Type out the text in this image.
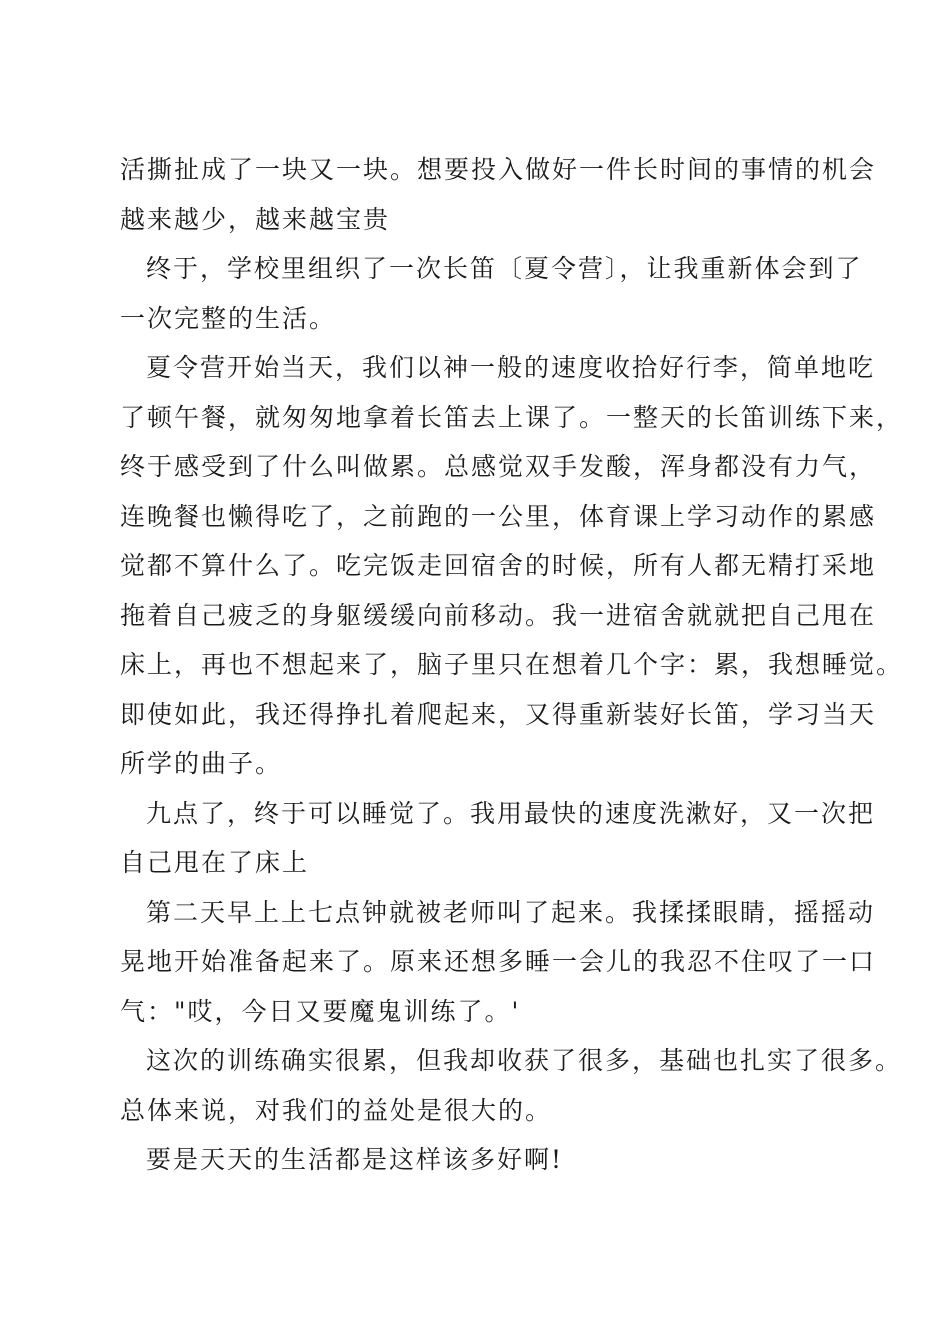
活撕扯成了一块又一块。想要投入做好一件长时间的事情的机会
越来越少，越来越宝贵
终于，学校里组织了一次长笛〔夏令营〕，让我重新体会到了
一次完整的生活。
夏令营开始当天，我们以神一般的速度收拾好行李，简单地吃
了顿午餐，就匆匆地拿着长笛去上课了。一整天的长笛训练下来，
终于感受到了什么叫做累。总感觉双手发酸，浑身都没有力气，
连晚餐也懒得吃了，之前跑的一公里，体育课上学习动作的累感
觉都不算什么了。吃完饭走回宿舍的时候，所有人都无精打采地
拖着自己疲乏的身躯缓缓向前移动。我一进宿舍就就把自己甩在
床上，再也不想起来了，脑子里只在想着几个字：累，我想睡觉。
即使如此，我还得挣扎着爬起来，又得重新装好长笛，学习当天
所学的曲子。
九点了，终于可以睡觉了。我用最快的速度洗漱好，又一次把
自己甩在了床上
第二天早上上七点钟就被老师叫了起来。我揉揉眼睛，摇摇动
晃地开始准备起来了。原来还想多睡一会儿的我忍不住叹了一口
气："哎，今日又要魔鬼训练了。'
这次的训练确实很累，但我却收获了很多，基础也扎实了很多。
总体来说，对我们的益处是很大的。
要是天天的生活都是这样该多好啊!
